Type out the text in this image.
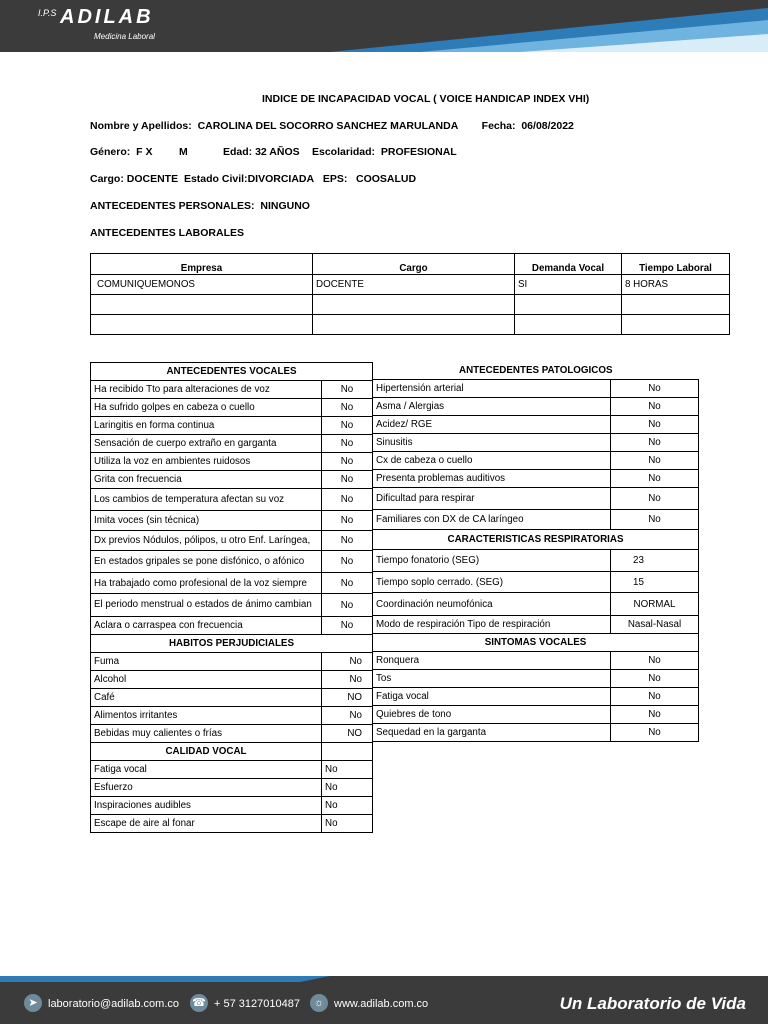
I.P.S ADILAB
Medicina Laboral
INDICE DE INCAPACIDAD VOCAL ( VOICE HANDICAP INDEX VHI)
Nombre y Apellidos: CAROLINA DEL SOCORRO SANCHEZ MARULANDA Fecha: 06/08/2022
Género: F X	M	Edad: 32 AÑOS Escolaridad: PROFESIONAL
Cargo: DOCENTE Estado Civil:DIVORCIADA EPS: COOSALUD
ANTECEDENTES PERSONALES: NINGUNO
ANTECEDENTES LABORALES
Empresa	Cargo	Demanda Vocal	Tiempo Laboral
COMUNIQUEMONOS	DOCENTE	SI	8 HORAS

ANTECEDENTES VOCALES	
Ha recibido Tto para alteraciones de voz	No
Ha sufrido golpes en cabeza o cuello	No
Laringitis en forma continua	No
Sensación de cuerpo extraño en garganta	No
Utiliza la voz en ambientes ruidosos	No
Grita con frecuencia	No
Los cambios de temperatura afectan su voz	No
Imita voces (sin técnica)	No
Dx previos Nódulos, pólipos, u otro Enf. Laríngea,	No
En estados gripales se pone disfónico, o afónico	No
Ha trabajado como profesional de la voz siempre	No
El periodo menstrual o estados de ánimo cambian	No
Aclara o carraspea con frecuencia	No
HABITOS PERJUDICIALES	
Fuma	No
Alcohol	No
Café	NO
Alimentos irritantes	No
Bebidas muy calientes o frías	NO
CALIDAD VOCAL	
Fatiga vocal	No
Esfuerzo	No
Inspiraciones audibles	No
Escape de aire al fonar	No
ANTECEDENTES PATOLOGICOS	
Hipertensión arterial	No
Asma / Alergias	No
Acidez/ RGE	No
Sinusitis	No
Cx de cabeza o cuello	No
Presenta problemas auditivos	No
Dificultad para respirar	No
Familiares con DX de CA laríngeo	No
CARACTERISTICAS RESPIRATORIAS	
Tiempo fonatorio (SEG)	23
Tiempo soplo cerrado. (SEG)	15
Coordinación neumofónica	NORMAL
Modo de respiración Tipo de respiración	Nasal-Nasal
SINTOMAS VOCALES	
Ronquera	No
Tos	No
Fatiga vocal	No
Quiebres de tono	No
Sequedad en la garganta	No
➤ laboratorio@adilab.com.co ☎ + 57 3127010487	☼ www.adilab.com.co	Un Laboratorio de Vida
